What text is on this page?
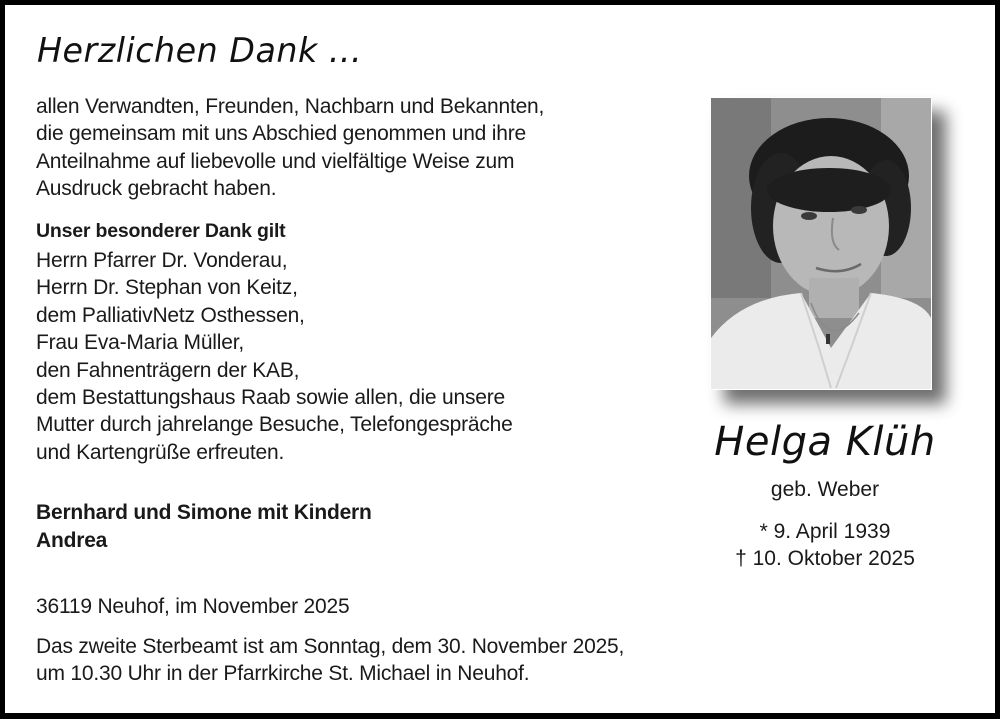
Herzlichen Dank ...

allen Verwandten, Freunden, Nachbarn und Bekannten,
die gemeinsam mit uns Abschied genommen und ihre
Anteilnahme auf liebevolle und vielfältige Weise zum
Ausdruck gebracht haben.

Unser besonderer Dank gilt

Herrn Pfarrer Dr. Vonderau,
Herrn Dr. Stephan von Keitz,
dem PalliativNetz Osthessen,
Frau Eva-Maria Müller,
den Fahnenträgern der KAB,
dem Bestattungshaus Raab sowie allen, die unsere
Mutter durch jahrelange Besuche, Telefongespräche
und Kartengrüße erfreuten.

Bernhard und Simone mit Kindern
Andrea

36119 Neuhof, im November 2025

Das zweite Sterbeamt ist am Sonntag, dem 30. November 2025,
um 10.30 Uhr in der Pfarrkirche St. Michael in Neuhof.

Helga Klüh
geb. Weber
* 9. April 1939
† 10. Oktober 2025
